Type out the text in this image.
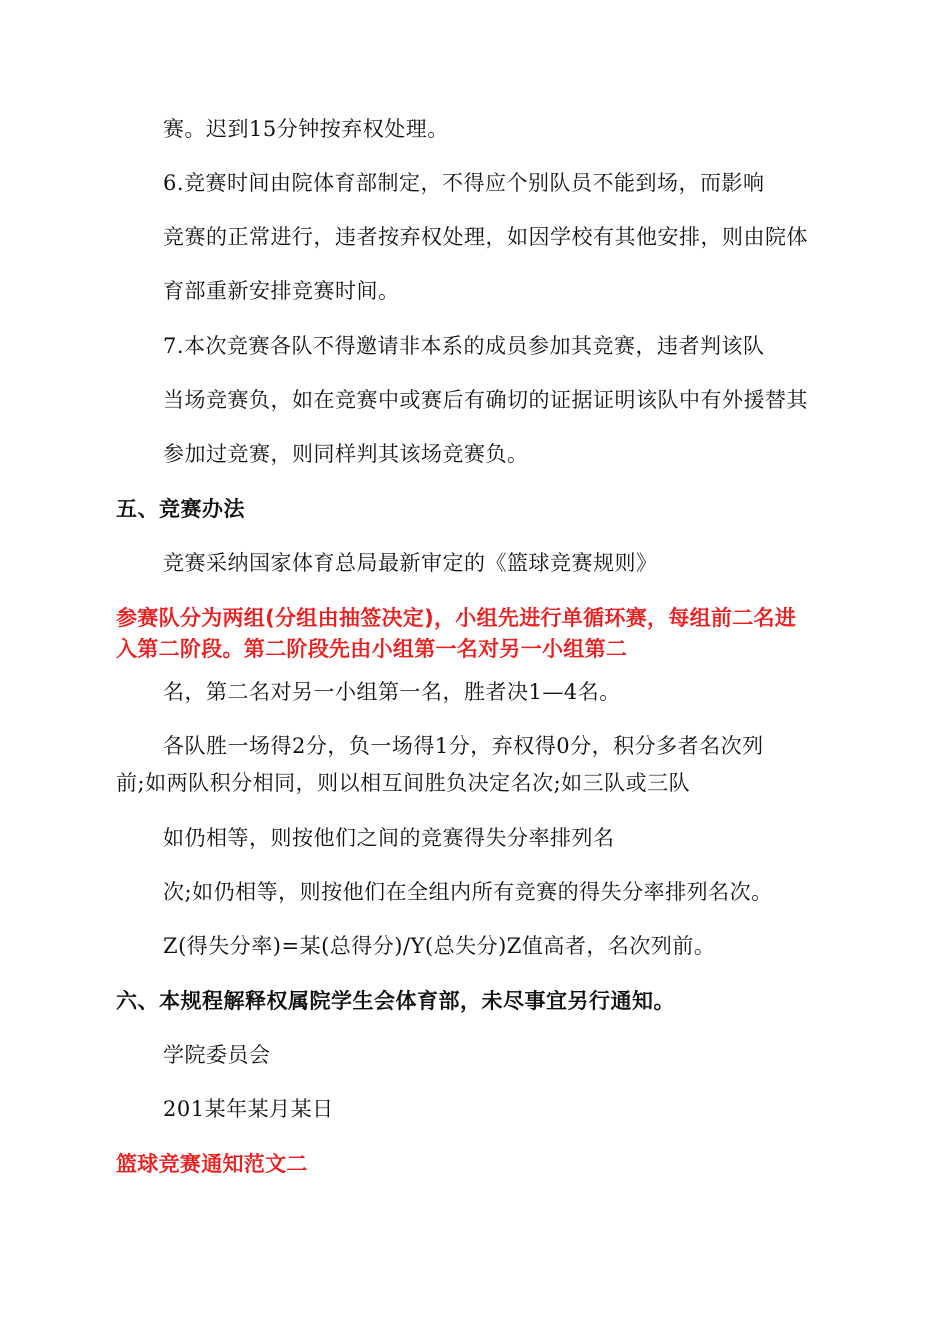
赛。迟到15分钟按弃权处理。
6.竞赛时间由院体育部制定，不得应个别队员不能到场，而影响
竞赛的正常进行，违者按弃权处理，如因学校有其他安排，则由院体
育部重新安排竞赛时间。
7.本次竞赛各队不得邀请非本系的成员参加其竞赛，违者判该队
当场竞赛负，如在竞赛中或赛后有确切的证据证明该队中有外援替其
参加过竞赛，则同样判其该场竞赛负。
五、竞赛办法
竞赛采纳国家体育总局最新审定的《篮球竞赛规则》
参赛队分为两组(分组由抽签决定)，小组先进行单循环赛，每组前二名进
入第二阶段。第二阶段先由小组第一名对另一小组第二
名，第二名对另一小组第一名，胜者决1—4名。
各队胜一场得2分，负一场得1分，弃权得0分，积分多者名次列
前;如两队积分相同，则以相互间胜负决定名次;如三队或三队
如仍相等，则按他们之间的竞赛得失分率排列名
次;如仍相等，则按他们在全组内所有竞赛的得失分率排列名次。
Z(得失分率)=某(总得分)/Y(总失分)Z值高者，名次列前。
六、本规程解释权属院学生会体育部，未尽事宜另行通知。
学院委员会
201某年某月某日
篮球竞赛通知范文二
